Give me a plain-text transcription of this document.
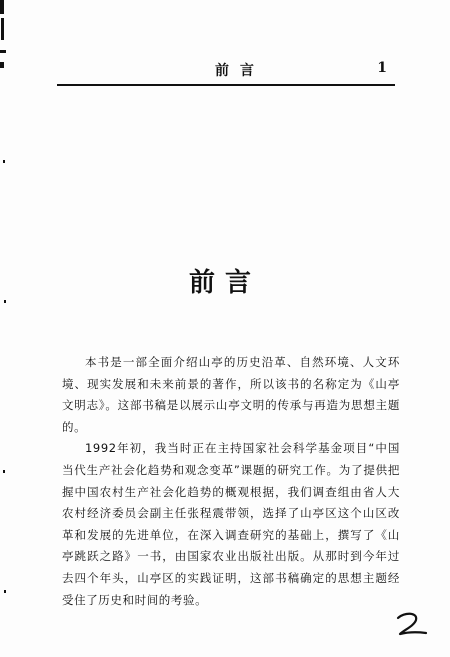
前 言	1
前言

本书是一部全面介绍山亭的历史沿革、自然环境、人文环境、现实发展和未来前景的著作，所以该书的名称定为《山亭文明志》。这部书稿是以展示山亭文明的传承与再造为思想主题的。

1992年初，我当时正在主持国家社会科学基金项目“中国当代生产社会化趋势和观念变革”课题的研究工作。为了提供把握中国农村生产社会化趋势的概观根据，我们调查组由省人大农村经济委员会副主任张程震带领，选择了山亭区这个山区改革和发展的先进单位，在深入调查研究的基础上，撰写了《山亭跳跃之路》一书，由国家农业出版社出版。从那时到今年过去四个年头，山亭区的实践证明，这部书稿确定的思想主题经受住了历史和时间的考验。
